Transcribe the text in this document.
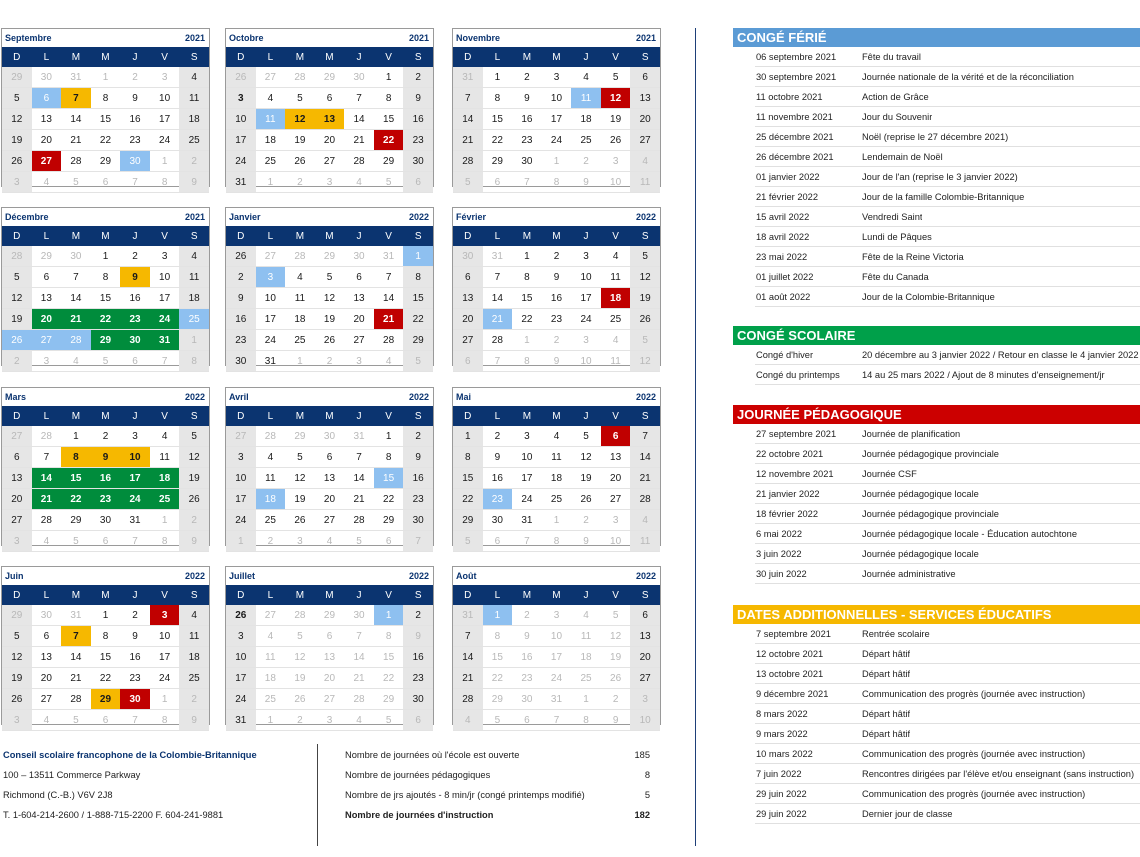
Septembre	2021
D	L	M	M	J	V	S
29	30	31	1	2	3	4
5	6	7	8	9	10	11
12	13	14	15	16	17	18
19	20	21	22	23	24	25
26	27	28	29	30	1	2
3	4	5	6	7	8	9
Octobre	2021
D	L	M	M	J	V	S
26	27	28	29	30	1	2
3	4	5	6	7	8	9
10	11	12	13	14	15	16
17	18	19	20	21	22	23
24	25	26	27	28	29	30
31	1	2	3	4	5	6
Novembre	2021
D	L	M	M	J	V	S
31	1	2	3	4	5	6
7	8	9	10	11	12	13
14	15	16	17	18	19	20
21	22	23	24	25	26	27
28	29	30	1	2	3	4
5	6	7	8	9	10	11
Décembre	2021
D	L	M	M	J	V	S
28	29	30	1	2	3	4
5	6	7	8	9	10	11
12	13	14	15	16	17	18
19	20	21	22	23	24	25
26	27	28	29	30	31	1
2	3	4	5	6	7	8
Janvier	2022
D	L	M	M	J	V	S
26	27	28	29	30	31	1
2	3	4	5	6	7	8
9	10	11	12	13	14	15
16	17	18	19	20	21	22
23	24	25	26	27	28	29
30	31	1	2	3	4	5
Février	2022
D	L	M	M	J	V	S
30	31	1	2	3	4	5
6	7	8	9	10	11	12
13	14	15	16	17	18	19
20	21	22	23	24	25	26
27	28	1	2	3	4	5
6	7	8	9	10	11	12
Mars	2022
D	L	M	M	J	V	S
27	28	1	2	3	4	5
6	7	8	9	10	11	12
13	14	15	16	17	18	19
20	21	22	23	24	25	26
27	28	29	30	31	1	2
3	4	5	6	7	8	9
Avril	2022
D	L	M	M	J	V	S
27	28	29	30	31	1	2
3	4	5	6	7	8	9
10	11	12	13	14	15	16
17	18	19	20	21	22	23
24	25	26	27	28	29	30
1	2	3	4	5	6	7
Mai	2022
D	L	M	M	J	V	S
1	2	3	4	5	6	7
8	9	10	11	12	13	14
15	16	17	18	19	20	21
22	23	24	25	26	27	28
29	30	31	1	2	3	4
5	6	7	8	9	10	11
Juin	2022
D	L	M	M	J	V	S
29	30	31	1	2	3	4
5	6	7	8	9	10	11
12	13	14	15	16	17	18
19	20	21	22	23	24	25
26	27	28	29	30	1	2
3	4	5	6	7	8	9
Juillet	2022
D	L	M	M	J	V	S
26	27	28	29	30	1	2
3	4	5	6	7	8	9
10	11	12	13	14	15	16
17	18	19	20	21	22	23
24	25	26	27	28	29	30
31	1	2	3	4	5	6
Août	2022
D	L	M	M	J	V	S
31	1	2	3	4	5	6
7	8	9	10	11	12	13
14	15	16	17	18	19	20
21	22	23	24	25	26	27
28	29	30	31	1	2	3
4	5	6	7	8	9	10
CONGÉ FÉRIÉ
06 septembre 2021	Fête du travail
30 septembre 2021	Journée nationale de la vérité et de la réconciliation
11 octobre 2021	Action de Grâce
11 novembre 2021	Jour du Souvenir
25 décembre 2021	Noël (reprise le 27 décembre 2021)
26 décembre 2021	Lendemain de Noël
01 janvier 2022	Jour de l'an (reprise le 3 janvier 2022)
21 février 2022	Jour de la famille Colombie-Britannique
15 avril 2022	Vendredi Saint
18 avril 2022	Lundi de Pâques
23 mai 2022	Fête de la Reine Victoria
01 juillet 2022	Fête du Canada
01 août 2022	Jour de la Colombie-Britannique
CONGÉ SCOLAIRE
Congé d'hiver	20 décembre au 3 janvier 2022 / Retour en classe le 4 janvier 2022
Congé du printemps	14 au 25 mars 2022 / Ajout de 8 minutes d'enseignement/jr
JOURNÉE PÉDAGOGIQUE
27 septembre 2021	Journée de planification
22 octobre 2021	Journée pédagogique provinciale
12 novembre 2021	Journée CSF
21 janvier 2022	Journée pédagogique locale
18 février 2022	Journée pédagogique provinciale
6 mai 2022	Journée pédagogique locale - Éducation autochtone
3 juin 2022	Journée pédagogique locale
30 juin 2022	Journée administrative
DATES ADDITIONNELLES - SERVICES ÉDUCATIFS
7 septembre 2021	Rentrée scolaire
12 octobre 2021	Départ hâtif
13 octobre 2021	Départ hâtif
9 décembre 2021	Communication des progrès (journée avec instruction)
8 mars 2022	Départ hâtif
9 mars 2022	Départ hâtif
10 mars 2022	Communication des progrès (journée avec instruction)
7 juin 2022	Rencontres dirigées par l'élève et/ou enseignant (sans instruction)
29 juin 2022	Communication des progrès (journée avec instruction)
29 juin 2022	Dernier jour de classe
Conseil scolaire francophone de la Colombie-Britannique
100 – 13511 Commerce Parkway
Richmond (C.-B.) V6V 2J8
T. 1-604-214-2600 / 1-888-715-2200 F. 604-241-9881
Nombre de journées où l'école est ouverte	185
Nombre de journées pédagogiques	8
Nombre de jrs ajoutés - 8 min/jr (congé printemps modifié)	5
Nombre de journées d'instruction	182
